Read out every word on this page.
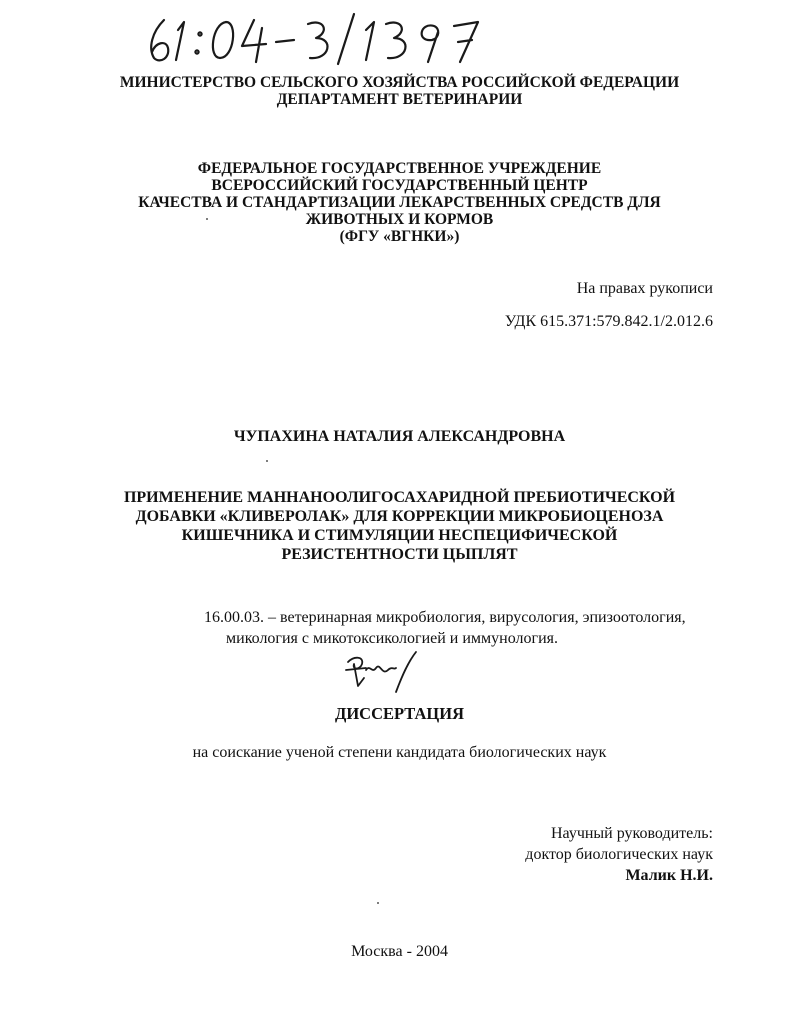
МИНИСТЕРСТВО СЕЛЬСКОГО ХОЗЯЙСТВА РОССИЙСКОЙ ФЕДЕРАЦИИ
ДЕПАРТАМЕНТ ВЕТЕРИНАРИИ
ФЕДЕРАЛЬНОЕ ГОСУДАРСТВЕННОЕ УЧРЕЖДЕНИЕ
ВСЕРОССИЙСКИЙ ГОСУДАРСТВЕННЫЙ ЦЕНТР
КАЧЕСТВА И СТАНДАРТИЗАЦИИ ЛЕКАРСТВЕННЫХ СРЕДСТВ ДЛЯ
ЖИВОТНЫХ И КОРМОВ
(ФГУ «ВГНКИ»)
На правах рукописи
УДК 615.371:579.842.1/2.012.6
ЧУПАХИНА НАТАЛИЯ АЛЕКСАНДРОВНА
ПРИМЕНЕНИЕ МАННАНООЛИГОСАХАРИДНОЙ ПРЕБИОТИЧЕСКОЙ
ДОБАВКИ «КЛИВЕРОЛАК» ДЛЯ КОРРЕКЦИИ МИКРОБИОЦЕНОЗА
КИШЕЧНИКА И СТИМУЛЯЦИИ НЕСПЕЦИФИЧЕСКОЙ
РЕЗИСТЕНТНОСТИ ЦЫПЛЯТ
16.00.03. – ветеринарная микробиология, вирусология, эпизоотология,
микология с микотоксикологией и иммунология.
ДИССЕРТАЦИЯ
на соискание ученой степени кандидата биологических наук
Научный руководитель:
доктор биологических наук
Малик Н.И.
Москва - 2004
